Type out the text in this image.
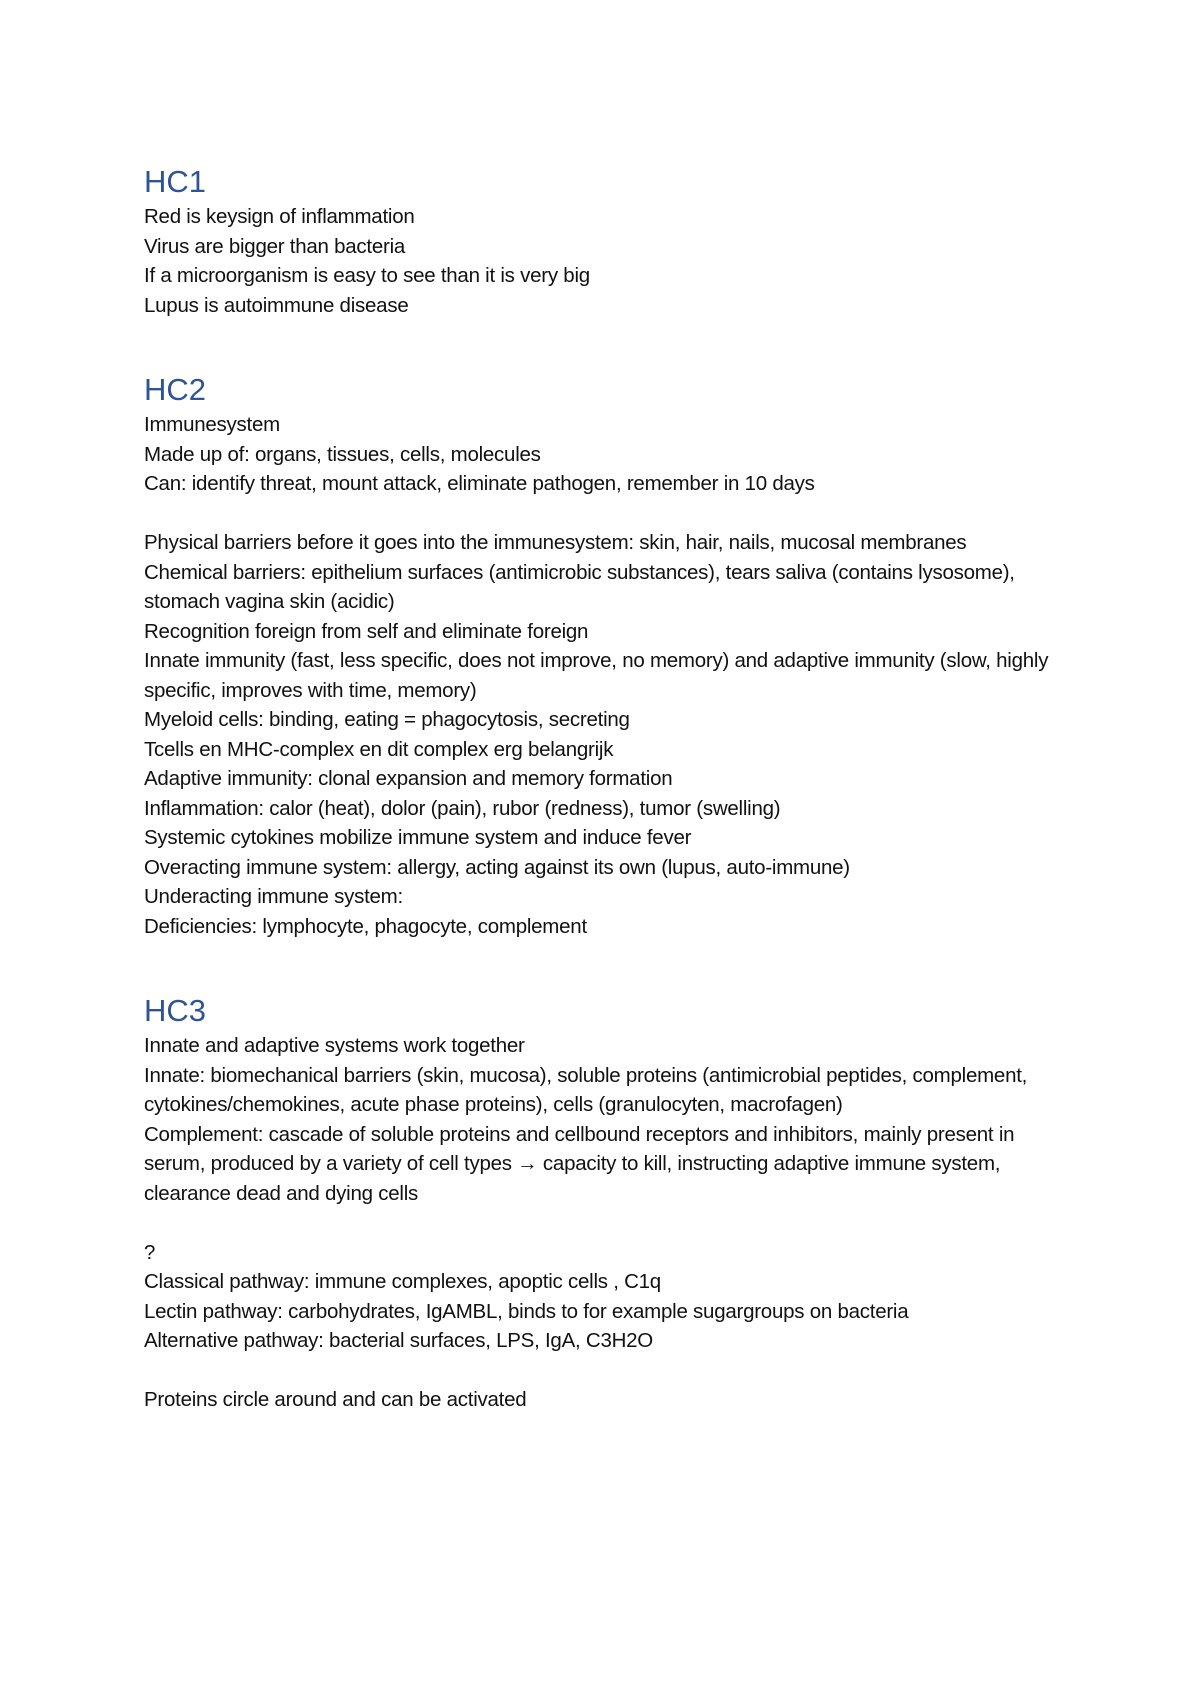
HC1

Red is keysign of inflammation

Virus are bigger than bacteria

If a microorganism is easy to see than it is very big

Lupus is autoimmune disease

HC2

Immunesystem

Made up of: organs, tissues, cells, molecules

Can: identify threat, mount attack, eliminate pathogen, remember in 10 days

Physical barriers before it goes into the immunesystem: skin, hair, nails, mucosal membranes

Chemical barriers: epithelium surfaces (antimicrobic substances), tears saliva (contains lysosome), stomach vagina skin (acidic)

Recognition foreign from self and eliminate foreign

Innate immunity (fast, less specific, does not improve, no memory) and adaptive immunity (slow, highly specific, improves with time, memory)

Myeloid cells: binding, eating = phagocytosis, secreting

Tcells en MHC-complex en dit complex erg belangrijk

Adaptive immunity: clonal expansion and memory formation

Inflammation: calor (heat), dolor (pain), rubor (redness), tumor (swelling)

Systemic cytokines mobilize immune system and induce fever

Overacting immune system: allergy, acting against its own (lupus, auto-immune)

Underacting immune system:

Deficiencies: lymphocyte, phagocyte, complement

HC3

Innate and adaptive systems work together

Innate: biomechanical barriers (skin, mucosa), soluble proteins (antimicrobial peptides, complement, cytokines/chemokines, acute phase proteins), cells (granulocyten, macrofagen)

Complement: cascade of soluble proteins and cellbound receptors and inhibitors, mainly present in serum, produced by a variety of cell types → capacity to kill, instructing adaptive immune system, clearance dead and dying cells

?

Classical pathway: immune complexes, apoptic cells , C1q

Lectin pathway: carbohydrates, IgAMBL, binds to for example sugargroups on bacteria

Alternative pathway: bacterial surfaces, LPS, IgA, C3H2O

Proteins circle around and can be activated
